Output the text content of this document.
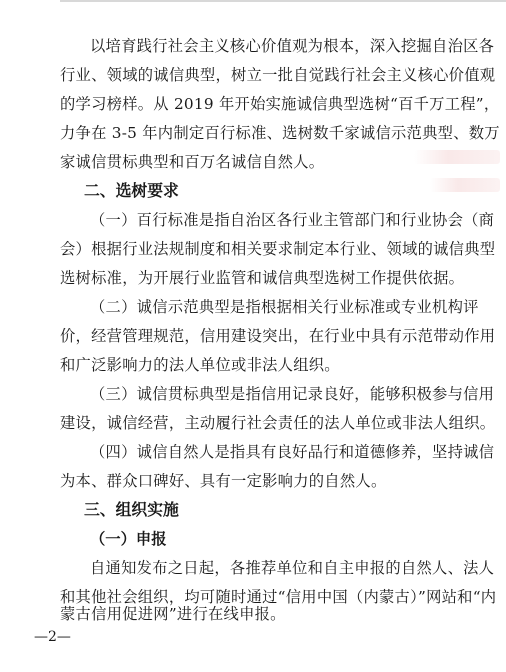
以培育践行社会主义核心价值观为根本，深入挖掘自治区各
行业、领域的诚信典型，树立一批自觉践行社会主义核心价值观
的学习榜样。从 2019 年开始实施诚信典型选树“百千万工程”，
力争在 3-5 年内制定百行标准、选树数千家诚信示范典型、数万
家诚信贯标典型和百万名诚信自然人。
二、选树要求
（一）百行标准是指自治区各行业主管部门和行业协会（商
会）根据行业法规制度和相关要求制定本行业、领域的诚信典型
选树标准，为开展行业监管和诚信典型选树工作提供依据。
（二）诚信示范典型是指根据相关行业标准或专业机构评
价，经营管理规范，信用建设突出，在行业中具有示范带动作用
和广泛影响力的法人单位或非法人组织。
（三）诚信贯标典型是指信用记录良好，能够积极参与信用
建设，诚信经营，主动履行社会责任的法人单位或非法人组织。
（四）诚信自然人是指具有良好品行和道德修养，坚持诚信
为本、群众口碑好、具有一定影响力的自然人。
三、组织实施
（一）申报
自通知发布之日起，各推荐单位和自主申报的自然人、法人
和其他社会组织，均可随时通过“信用中国（内蒙古）”网站和“内
—2—
蒙古信用促进网”进行在线申报。
